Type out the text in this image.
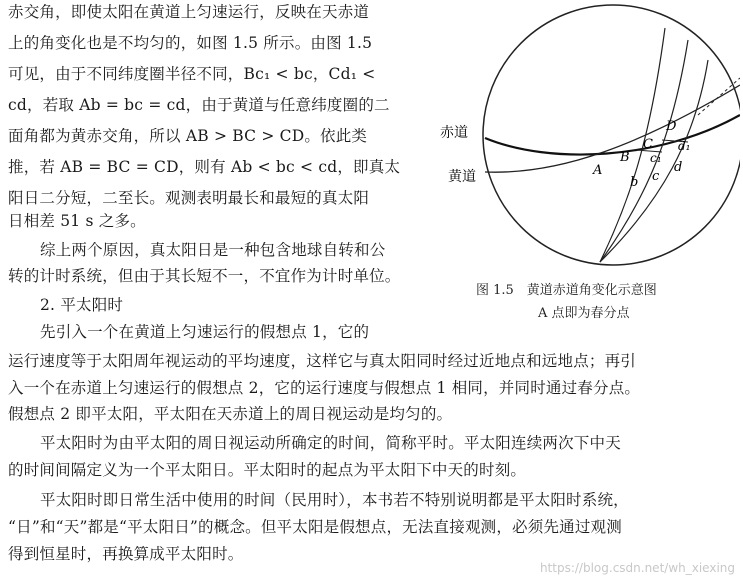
赤交角，即使太阳在黄道上匀速运行，反映在天赤道
上的角变化也是不均匀的，如图 1.5 所示。由图 1.5
可见，由于不同纬度圈半径不同，Bc₁ < bc，Cd₁ <
cd，若取 Ab = bc = cd，由于黄道与任意纬度圈的二
面角都为黄赤交角，所以 AB > BC > CD。依此类
推，若 AB = BC = CD，则有 Ab < bc < cd，即真太
阳日二分短，二至长。观测表明最长和最短的真太阳
日相差 51 s 之多。
综上两个原因，真太阳日是一种包含地球自转和公
转的计时系统，但由于其长短不一，不宜作为计时单位。
2. 平太阳时
先引入一个在黄道上匀速运行的假想点 1，它的
运行速度等于太阳周年视运动的平均速度，这样它与真太阳同时经过近地点和远地点；再引
入一个在赤道上匀速运行的假想点 2，它的运行速度与假想点 1 相同，并同时通过春分点。
假想点 2 即平太阳，平太阳在天赤道上的周日视运动是均匀的。
平太阳时为由平太阳的周日视运动所确定的时间，简称平时。平太阳连续两次下中天
的时间间隔定义为一个平太阳日。平太阳时的起点为平太阳下中天的时刻。
平太阳时即日常生活中使用的时间（民用时），本书若不特别说明都是平太阳时系统，
“日”和“天”都是“平太阳日”的概念。但平太阳是假想点，无法直接观测，必须先通过观测
得到恒星时，再换算成平太阳时。
赤道
黄道	A
B
C
D
b c
d
c₁
d₁
图 1.5　黄道赤道角变化示意图
A 点即为春分点
https://blog.csdn.net/wh_xiexing
